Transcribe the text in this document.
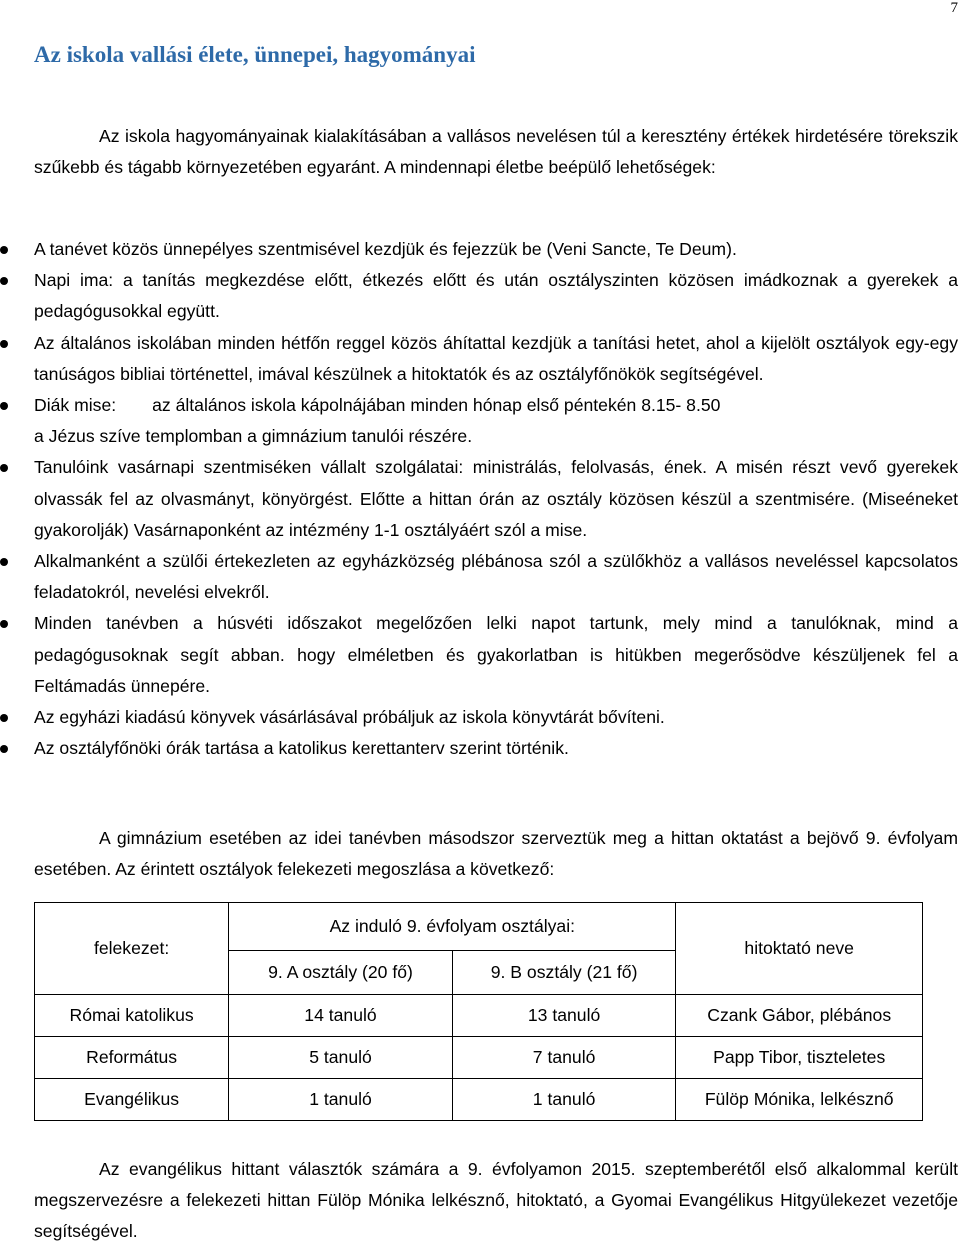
7
Az iskola vallási élete, ünnepei, hagyományai

Az iskola hagyományainak kialakításában a vallásos nevelésen túl a keresztény értékek hirdetésére törekszik szűkebb és tágabb környezetében egyaránt. A mindennapi életbe beépülő lehetőségek:

A tanévet közös ünnepélyes szentmisével kezdjük és fejezzük be (Veni Sancte, Te Deum).
Napi ima: a tanítás megkezdése előtt, étkezés előtt és után osztályszinten közösen imádkoznak a gyerekek a pedagógusokkal együtt.
Az általános iskolában minden hétfőn reggel közös áhítattal kezdjük a tanítási hetet, ahol a kijelölt osztályok egy-egy tanúságos bibliai történettel, imával készülnek a hitoktatók és az osztályfőnökök segítségével.
Diák mise: az általános iskola kápolnájában minden hónap első péntekén 8.15- 8.50
a Jézus szíve templomban a gimnázium tanulói részére.
Tanulóink vasárnapi szentmiséken vállalt szolgálatai: ministrálás, felolvasás, ének. A misén részt vevő gyerekek olvassák fel az olvasmányt, könyörgést. Előtte a hittan órán az osztály közösen készül a szentmisére. (Miseéneket gyakorolják) Vasárnaponként az intézmény 1-1 osztályáért szól a mise.
Alkalmanként a szülői értekezleten az egyházközség plébánosa szól a szülőkhöz a vallásos neveléssel kapcsolatos feladatokról, nevelési elvekről.
Minden tanévben a húsvéti időszakot megelőzően lelki napot tartunk, mely mind a tanulóknak, mind a pedagógusoknak segít abban. hogy elméletben és gyakorlatban is hitükben megerősödve készüljenek fel a Feltámadás ünnepére.
Az egyházi kiadású könyvek vásárlásával próbáljuk az iskola könyvtárát bővíteni.
Az osztályfőnöki órák tartása a katolikus kerettanterv szerint történik.

A gimnázium esetében az idei tanévben másodszor szerveztük meg a hittan oktatást a bejövő 9. évfolyam esetében. Az érintett osztályok felekezeti megoszlása a következő:

felekezet:	Az induló 9. évfolyam osztályai:		hitoktató neve
	9. A osztály (20 fő)	9. B osztály (21 fő)	
Római katolikus	14 tanuló	13 tanuló	Czank Gábor, plébános
Református	5 tanuló	7 tanuló	Papp Tibor, tiszteletes
Evangélikus	1 tanuló	1 tanuló	Fülöp Mónika, lelkésznő

Az evangélikus hittant választók számára a 9. évfolyamon 2015. szeptemberétől első alkalommal került megszervezésre a felekezeti hittan Fülöp Mónika lelkésznő, hitoktató, a Gyomai Evangélikus Hitgyülekezet vezetője segítségével.
